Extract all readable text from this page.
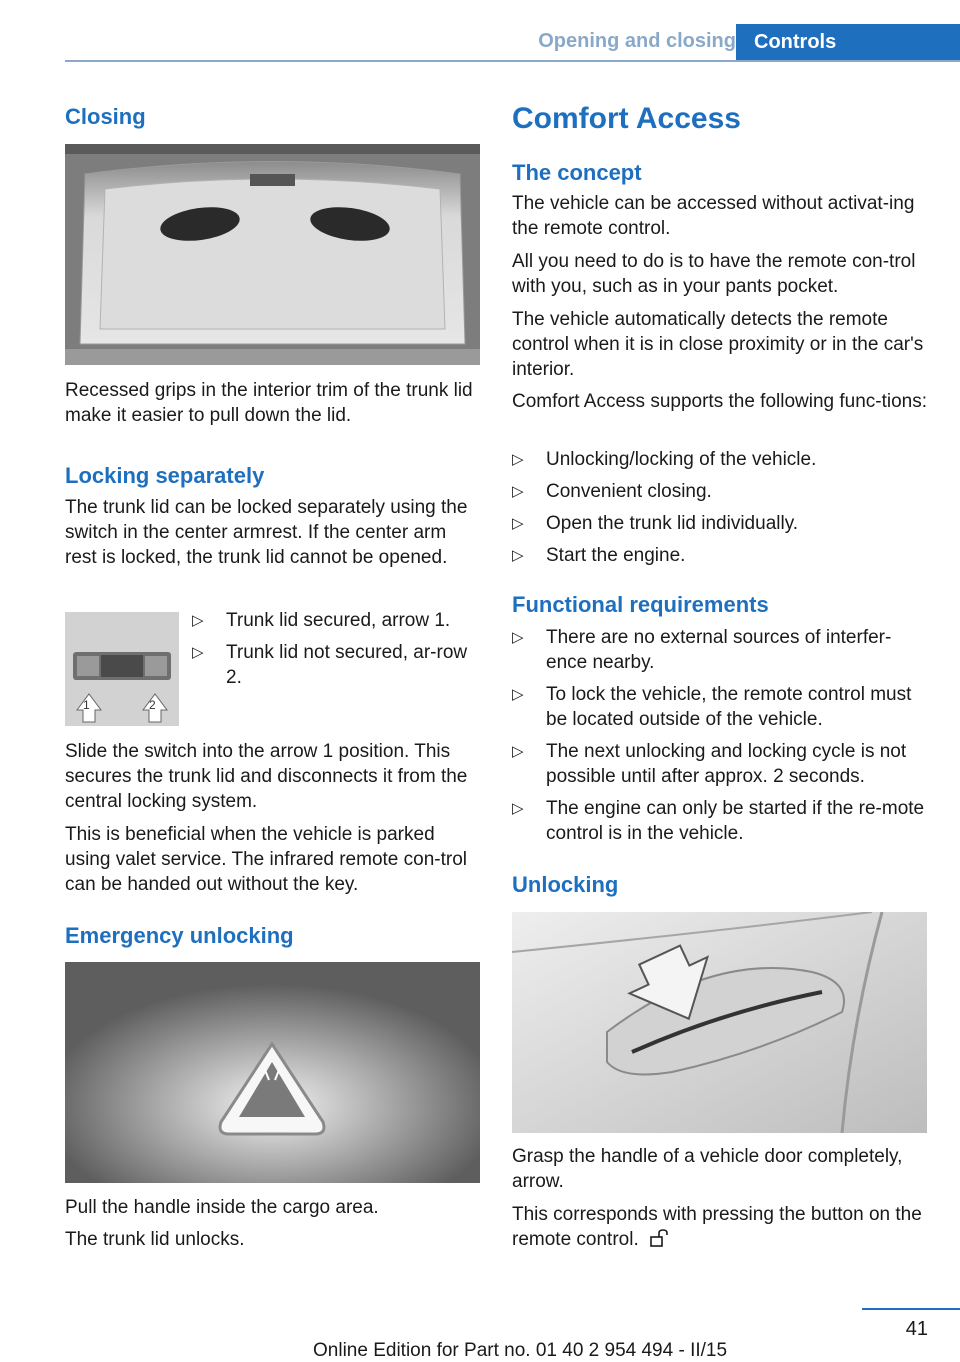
Opening and closing Controls
Closing
Recessed grips in the interior trim of the trunk lid make it easier to pull down the lid.
Locking separately
The trunk lid can be locked separately using the switch in the center armrest. If the center arm rest is locked, the trunk lid cannot be opened.
1	2
▷	Trunk lid secured, arrow 1.
▷	Trunk lid not secured, ar-row 2.
Slide the switch into the arrow 1 position. This secures the trunk lid and disconnects it from the central locking system.
This is beneficial when the vehicle is parked using valet service. The infrared remote con-trol can be handed out without the key.
Emergency unlocking
Pull the handle inside the cargo area.
The trunk lid unlocks.
Comfort Access
The concept
The vehicle can be accessed without activat-ing the remote control.
All you need to do is to have the remote con-trol with you, such as in your pants pocket.
The vehicle automatically detects the remote control when it is in close proximity or in the car's interior.
Comfort Access supports the following func-tions:
▷	Unlocking/locking of the vehicle.
▷	Convenient closing.
▷	Open the trunk lid individually.
▷	Start the engine.
Functional requirements
▷	There are no external sources of interfer-ence nearby.
▷	To lock the vehicle, the remote control must be located outside of the vehicle.
▷	The next unlocking and locking cycle is not possible until after approx. 2 seconds.
▷	The engine can only be started if the re-mote control is in the vehicle.
Unlocking
Grasp the handle of a vehicle door completely, arrow.
This corresponds with pressing the button on the remote control.
41
Online Edition for Part no. 01 40 2 954 494 - II/15
